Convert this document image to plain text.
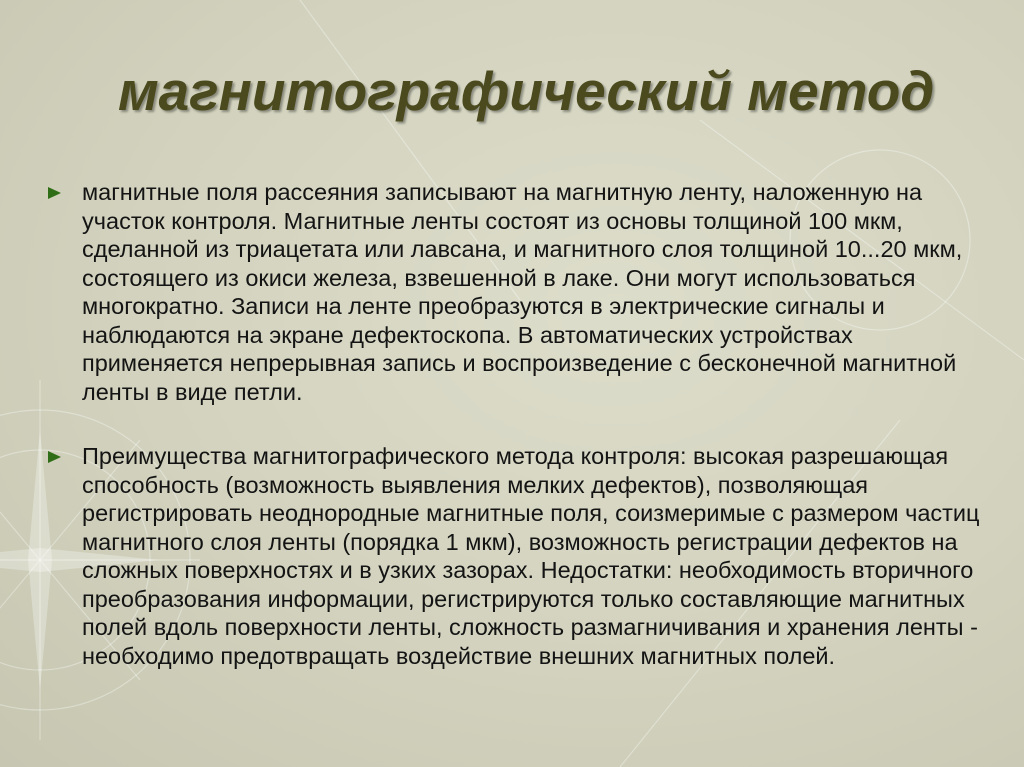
магнитографический метод
магнитные поля рассеяния записывают на магнитную ленту, наложенную на участок контроля. Магнитные ленты состоят из основы толщиной 100 мкм, сделанной из триацетата или лавсана, и магнитного слоя толщиной 10...20 мкм, состоящего из окиси железа, взвешенной в лаке. Они могут использоваться многократно. Записи на ленте преобразуются в электрические сигналы и наблюдаются на экране дефектоскопа. В автоматических устройствах применяется непрерывная запись и воспроизведение с бесконечной магнитной ленты в виде петли.
Преимущества магнитографического метода контроля: высокая разрешающая способность (возможность выявления мелких дефектов), позволяющая регистрировать неоднородные магнитные поля, соизмеримые с размером частиц магнитного слоя ленты (порядка 1 мкм), возможность регистрации дефектов на сложных поверхностях и в узких зазорах. Недостатки: необходимость вторичного преобразования информации, регистрируются только составляющие магнитных полей вдоль поверхности ленты, сложность размагничивания и хранения ленты - необходимо предотвращать воздействие внешних магнитных полей.
